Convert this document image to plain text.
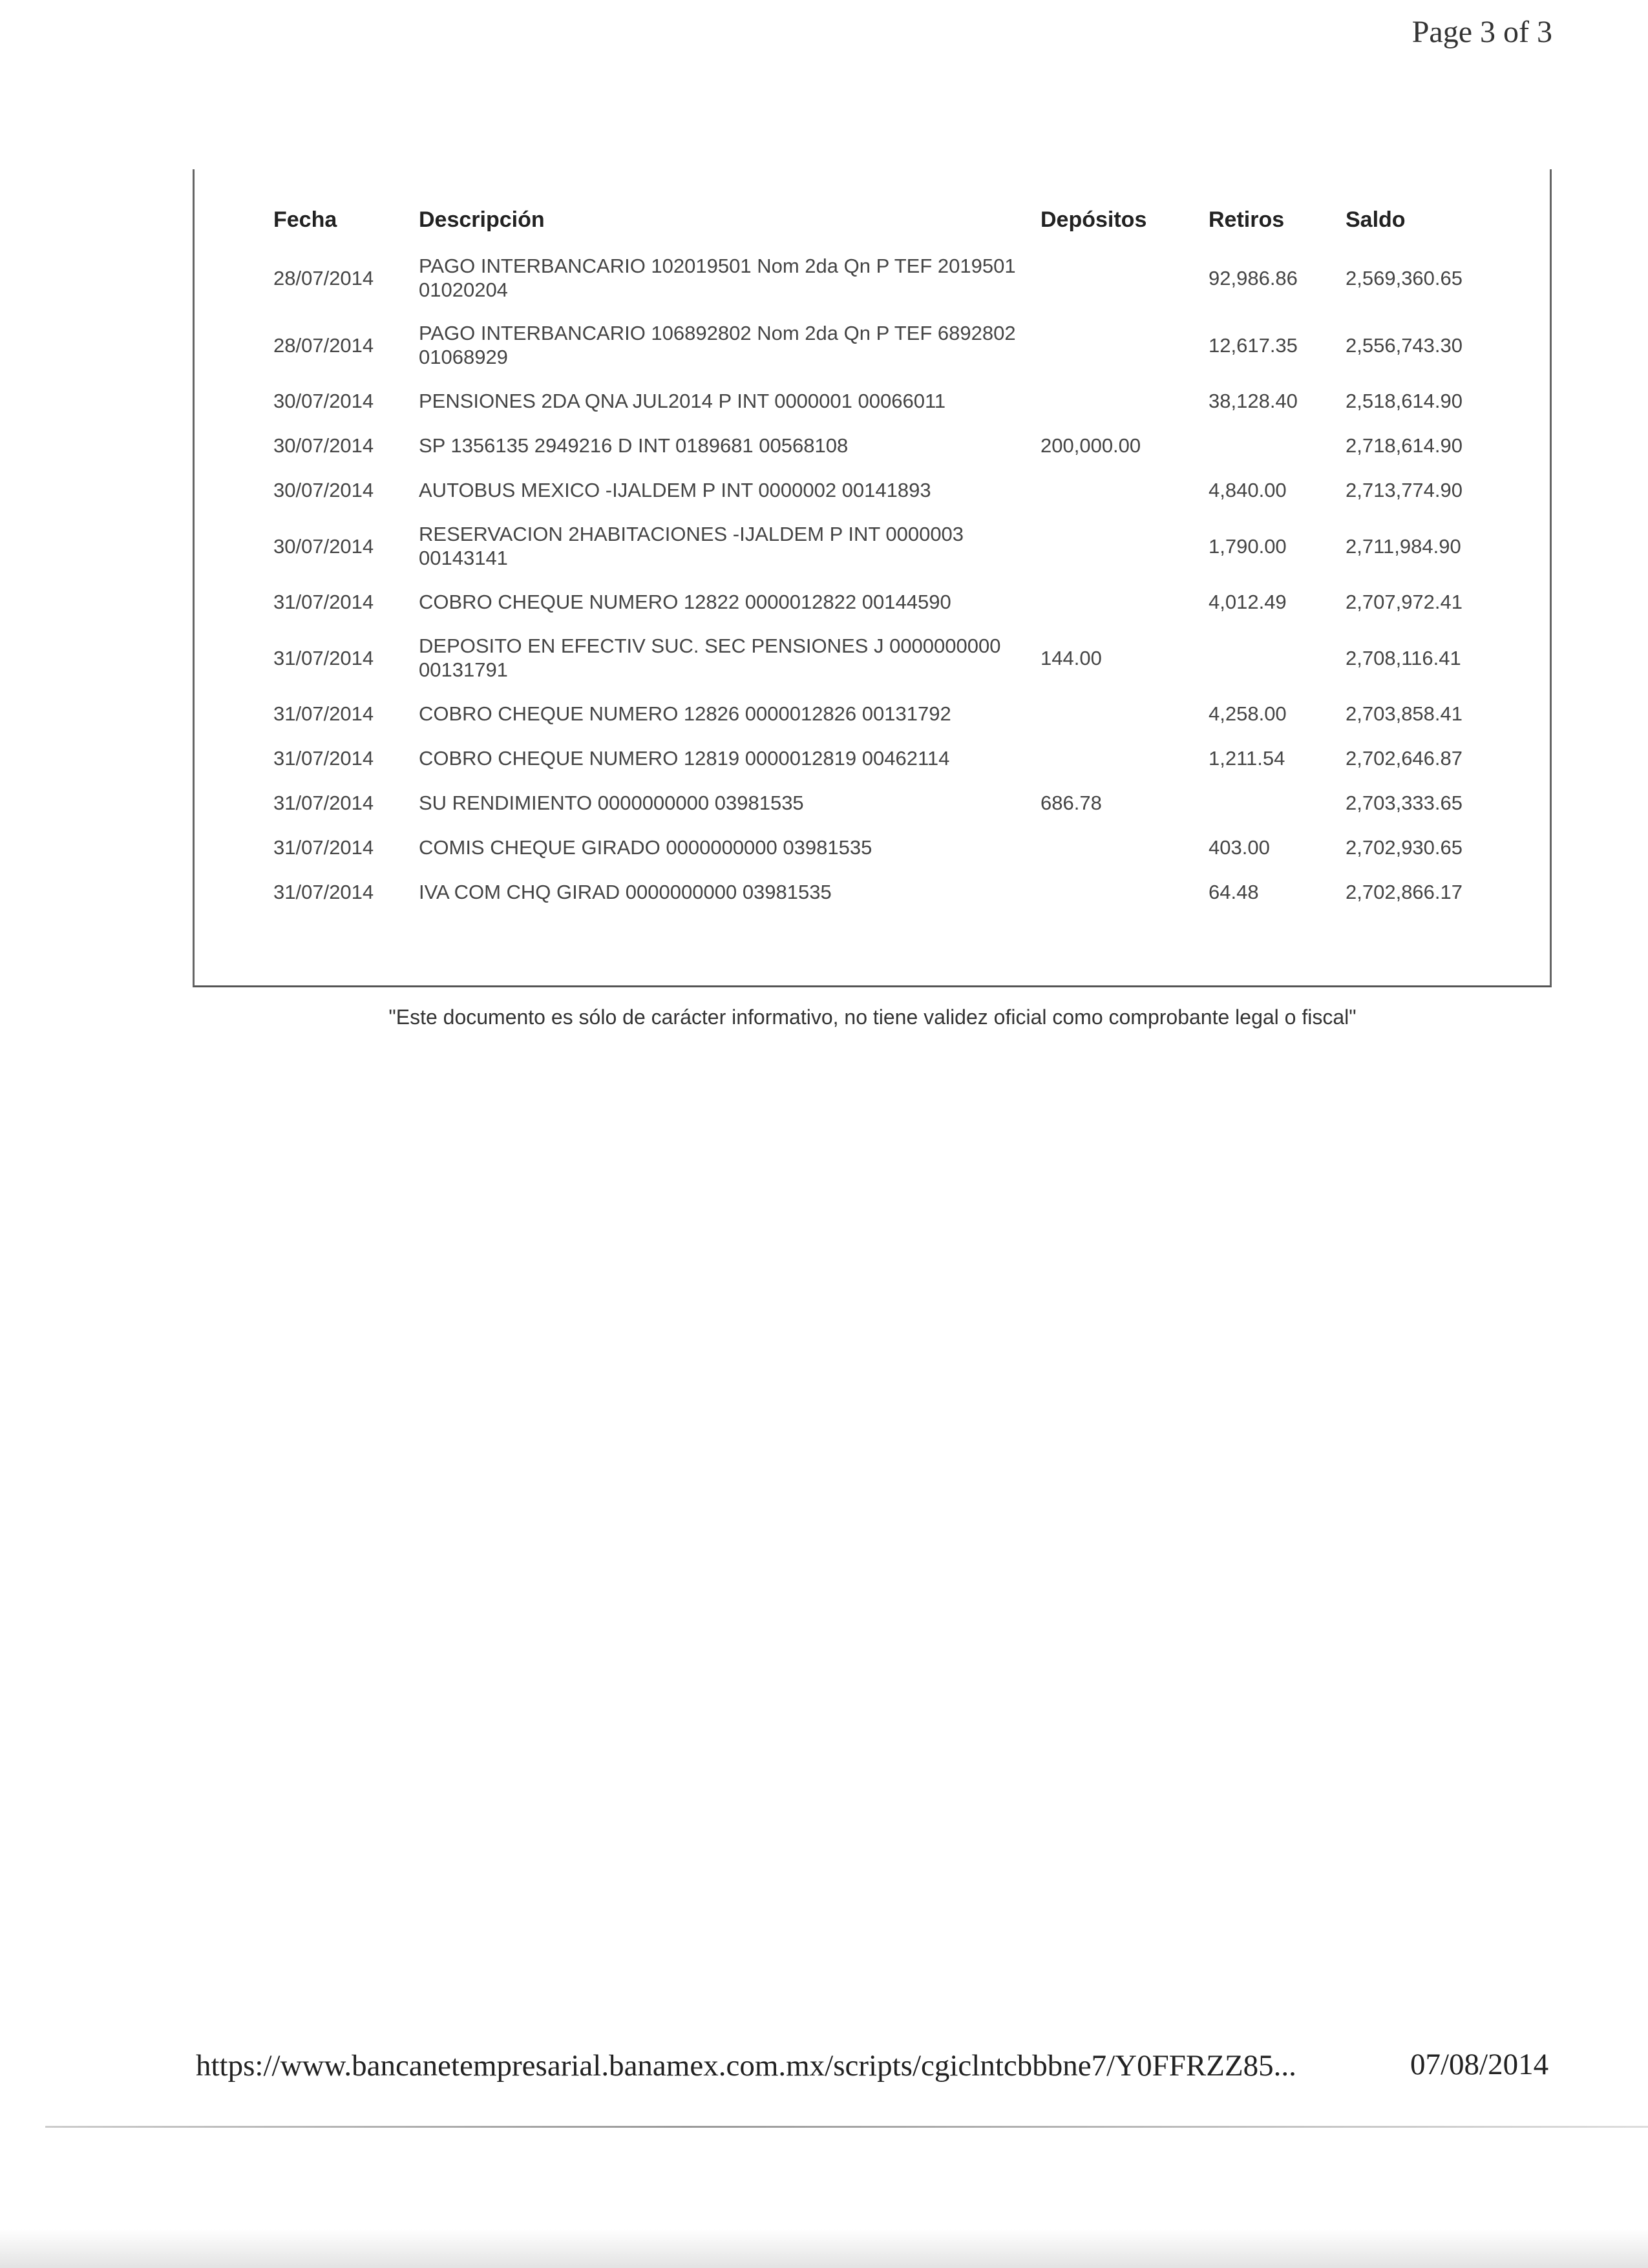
Page 3 of 3
Fecha	Descripción	Depósitos	Retiros	Saldo
28/07/2014	PAGO INTERBANCARIO 102019501 Nom 2da Qn P TEF 2019501 01020204		92,986.86	2,569,360.65
28/07/2014	PAGO INTERBANCARIO 106892802 Nom 2da Qn P TEF 6892802 01068929		12,617.35	2,556,743.30
30/07/2014	PENSIONES 2DA QNA JUL2014 P INT 0000001 00066011		38,128.40	2,518,614.90
30/07/2014	SP 1356135 2949216 D INT 0189681 00568108	200,000.00		2,718,614.90
30/07/2014	AUTOBUS MEXICO -IJALDEM P INT 0000002 00141893		4,840.00	2,713,774.90
30/07/2014	RESERVACION 2HABITACIONES -IJALDEM P INT 0000003 00143141		1,790.00	2,711,984.90
31/07/2014	COBRO CHEQUE NUMERO 12822 0000012822 00144590		4,012.49	2,707,972.41
31/07/2014	DEPOSITO EN EFECTIV SUC. SEC PENSIONES J 0000000000 00131791	144.00		2,708,116.41
31/07/2014	COBRO CHEQUE NUMERO 12826 0000012826 00131792		4,258.00	2,703,858.41
31/07/2014	COBRO CHEQUE NUMERO 12819 0000012819 00462114		1,211.54	2,702,646.87
31/07/2014	SU RENDIMIENTO 0000000000 03981535	686.78		2,703,333.65
31/07/2014	COMIS CHEQUE GIRADO 0000000000 03981535		403.00	2,702,930.65
31/07/2014	IVA COM CHQ GIRAD 0000000000 03981535		64.48	2,702,866.17
"Este documento es sólo de carácter informativo, no tiene validez oficial como comprobante legal o fiscal"
https://www.bancanetempresarial.banamex.com.mx/scripts/cgiclntcbbbne7/Y0FFRZZ85...	07/08/2014
